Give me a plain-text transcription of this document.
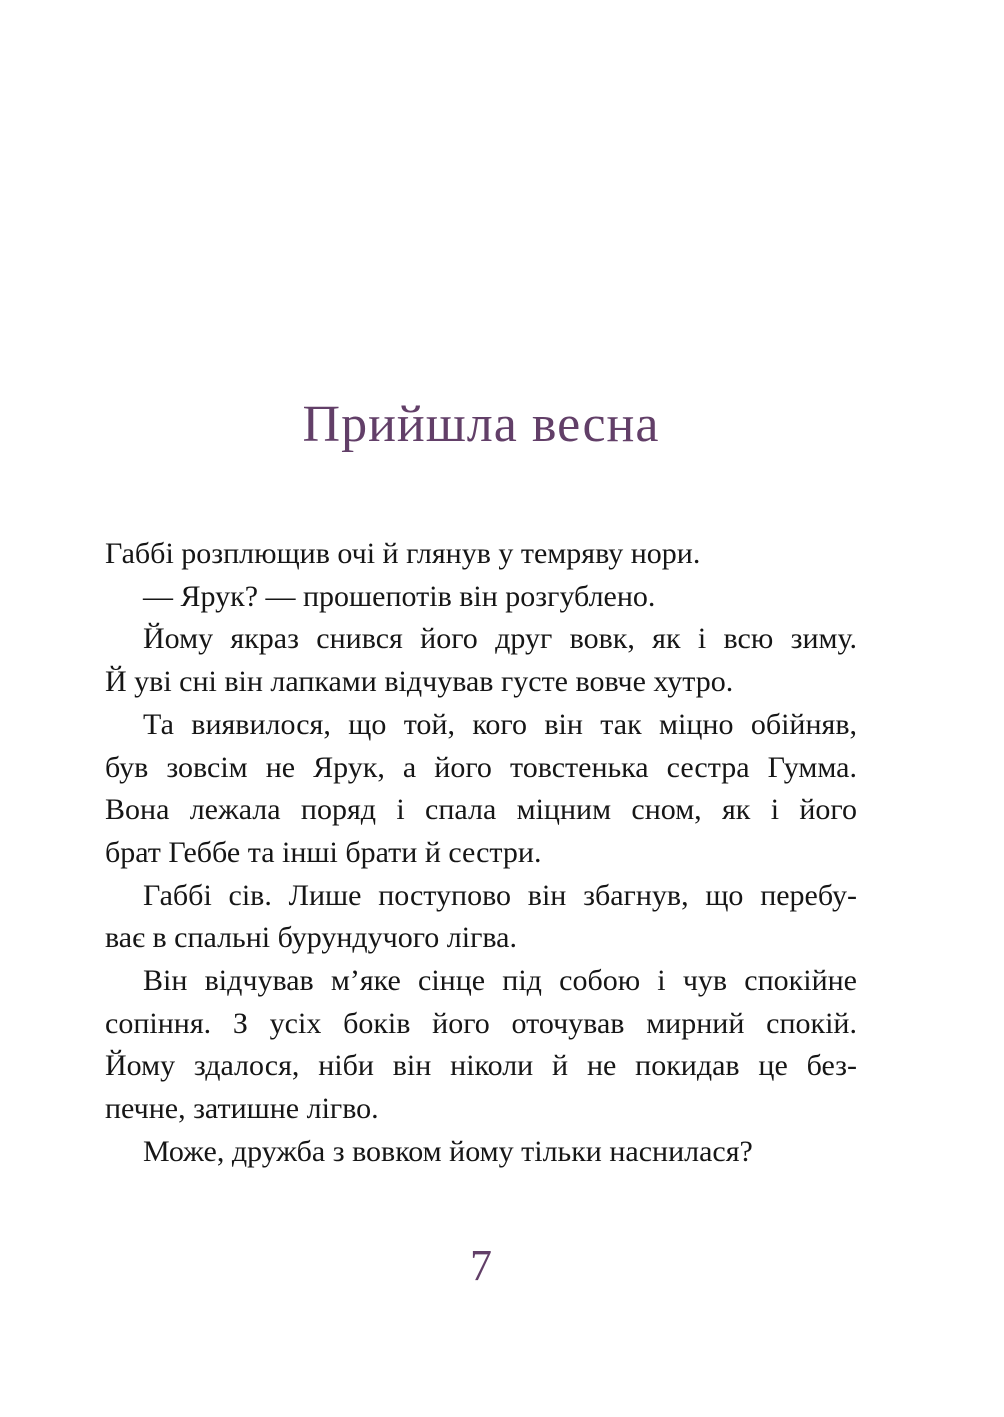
Прийшла весна
Габбі розплющив очі й глянув у темряву нори.
— Ярук? — прошепотів він розгублено.
Йому якраз снився його друг вовк, як і всю зиму.
Й уві сні він лапками відчував густе вовче хутро.
Та виявилося, що той, кого він так міцно обійняв,
був зовсім не Ярук, а його товстенька сестра Гумма.
Вона лежала поряд і спала міцним сном, як і його
брат Геббе та інші брати й сестри.
Габбі сів. Лише поступово він збагнув, що перебу-
ває в спальні бурундучого лігва.
Він відчував м’яке сінце під собою і чув спокійне
сопіння. З усіх боків його оточував мирний спокій.
Йому здалося, ніби він ніколи й не покидав це без-
печне, затишне лігво.
Може, дружба з вовком йому тільки наснилася?
7
